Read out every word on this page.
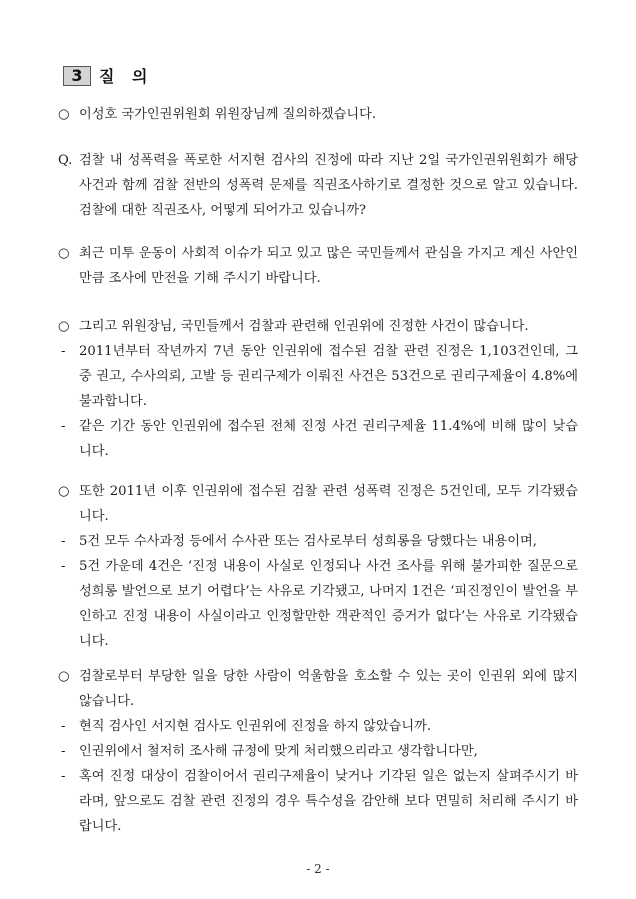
3	질 의
○ 이성호 국가인권위원회 위원장님께 질의하겠습니다.
Q. 검찰 내 성폭력을 폭로한 서지현 검사의 진정에 따라 지난 2일 국가인권위원회가 해당 사건과 함께 검찰 전반의 성폭력 문제를 직권조사하기로 결정한 것으로 알고 있습니다. 검찰에 대한 직권조사, 어떻게 되어가고 있습니까?
○ 최근 미투 운동이 사회적 이슈가 되고 있고 많은 국민들께서 관심을 가지고 계신 사안인 만큼 조사에 만전을 기해 주시기 바랍니다.
○ 그리고 위원장님, 국민들께서 검찰과 관련해 인권위에 진정한 사건이 많습니다.
- 2011년부터 작년까지 7년 동안 인권위에 접수된 검찰 관련 진정은 1,103건인데, 그 중 권고, 수사의뢰, 고발 등 권리구제가 이뤄진 사건은 53건으로 권리구제율이 4.8%에 불과합니다.
- 같은 기간 동안 인권위에 접수된 전체 진정 사건 권리구제율 11.4%에 비해 많이 낮습니다.
○ 또한 2011년 이후 인권위에 접수된 검찰 관련 성폭력 진정은 5건인데, 모두 기각됐습니다.
- 5건 모두 수사과정 등에서 수사관 또는 검사로부터 성희롱을 당했다는 내용이며,
- 5건 가운데 4건은 ‘진정 내용이 사실로 인정되나 사건 조사를 위해 불가피한 질문으로 성희롱 발언으로 보기 어렵다’는 사유로 기각됐고, 나머지 1건은 ‘피진정인이 발언을 부인하고 진정 내용이 사실이라고 인정할만한 객관적인 증거가 없다’는 사유로 기각됐습니다.
○ 검찰로부터 부당한 일을 당한 사람이 억울함을 호소할 수 있는 곳이 인권위 외에 많지 않습니다.
- 현직 검사인 서지현 검사도 인권위에 진정을 하지 않았습니까.
- 인권위에서 철저히 조사해 규정에 맞게 처리했으리라고 생각합니다만,
- 혹여 진정 대상이 검찰이어서 권리구제율이 낮거나 기각된 일은 없는지 살펴주시기 바라며, 앞으로도 검찰 관련 진정의 경우 특수성을 감안해 보다 면밀히 처리해 주시기 바랍니다.
- 2 -
